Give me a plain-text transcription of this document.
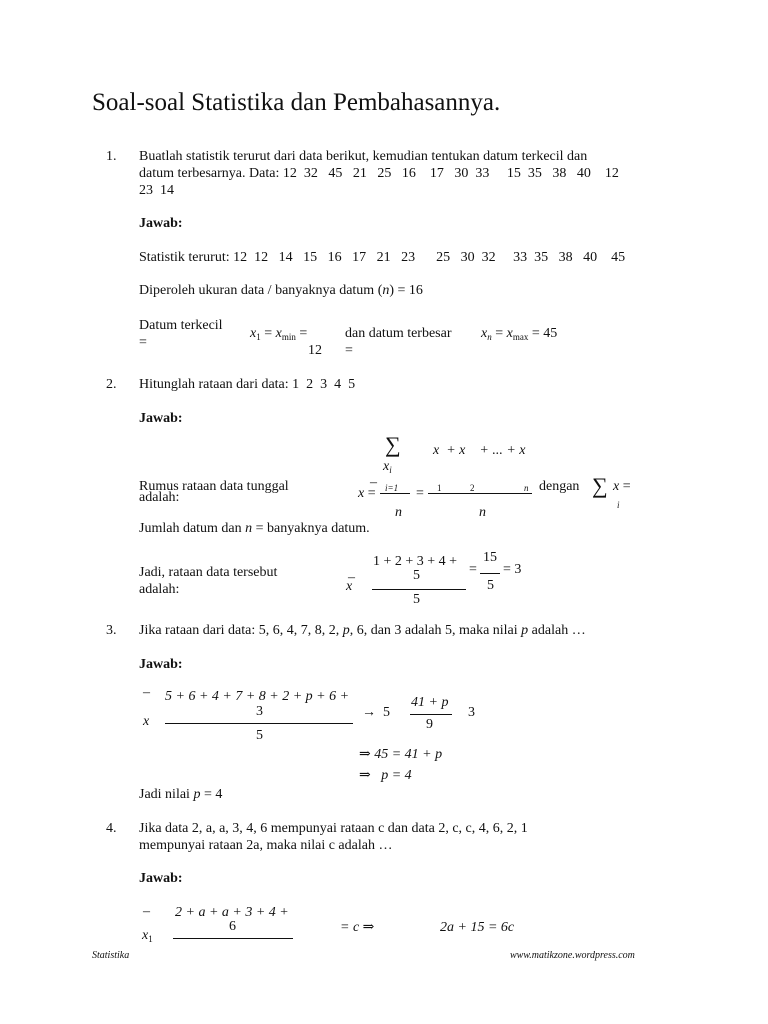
Soal-soal Statistika dan Pembahasannya.
1. Buatlah statistik terurut dari data berikut, kemudian tentukan datum terkecil dan
datum terbesarnya. Data: 12  32   45   21   25   16    17   30  33     15  35   38   40    12
23  14
Jawab:
Statistik terurut: 12  12   14   15   16   17   21   23      25   30  32     33  35   38   40    45
Diperoleh ukuran data / banyaknya datum (n) = 16
Datum terkecil
=
$x_1 = x_{min}$ =
12 =
dan datum terbesar $x_n = x_{max} = 45$
2. Hitunglah rataan dari data: 1  2  3  4  5
Jawab:
∑ x  + x    + ... + x
$x_i$
Rumus rataan data tunggal
adalah:
–
x = i=1 = 1	2	n
n	n
dengan ∑ x =
i
Jumlah datum dan n = banyaknya datum.
Jadi, rataan data tersebut
adalah:
1 + 2 + 3 + 4 +
5	=
15
5
= 3
–
x
5
3. Jika rataan dari data: 5, 6, 4, 7, 8, 2, p, 6, dan 3 adalah 5, maka nilai p adalah …
Jawab:
–
x
5 + 6 + 4 + 7 + 8 + 2 + p + 6 +
3
5
→  5
41 + p
9
3
⇒ 45 = 41 + p
⇒   p = 4
Jadi nilai p = 4
4. Jika data 2, a, a, 3, 4, 6 mempunyai rataan c dan data 2, c, c, 4, 6, 2, 1
mempunyai rataan 2a, maka nilai c adalah …
Jawab:
–
$x_1$
2 + a + a + 3 + 4 +
6	= c ⇒	2a + 15 = 6c
Statistika	www.matikzone.wordpress.com
